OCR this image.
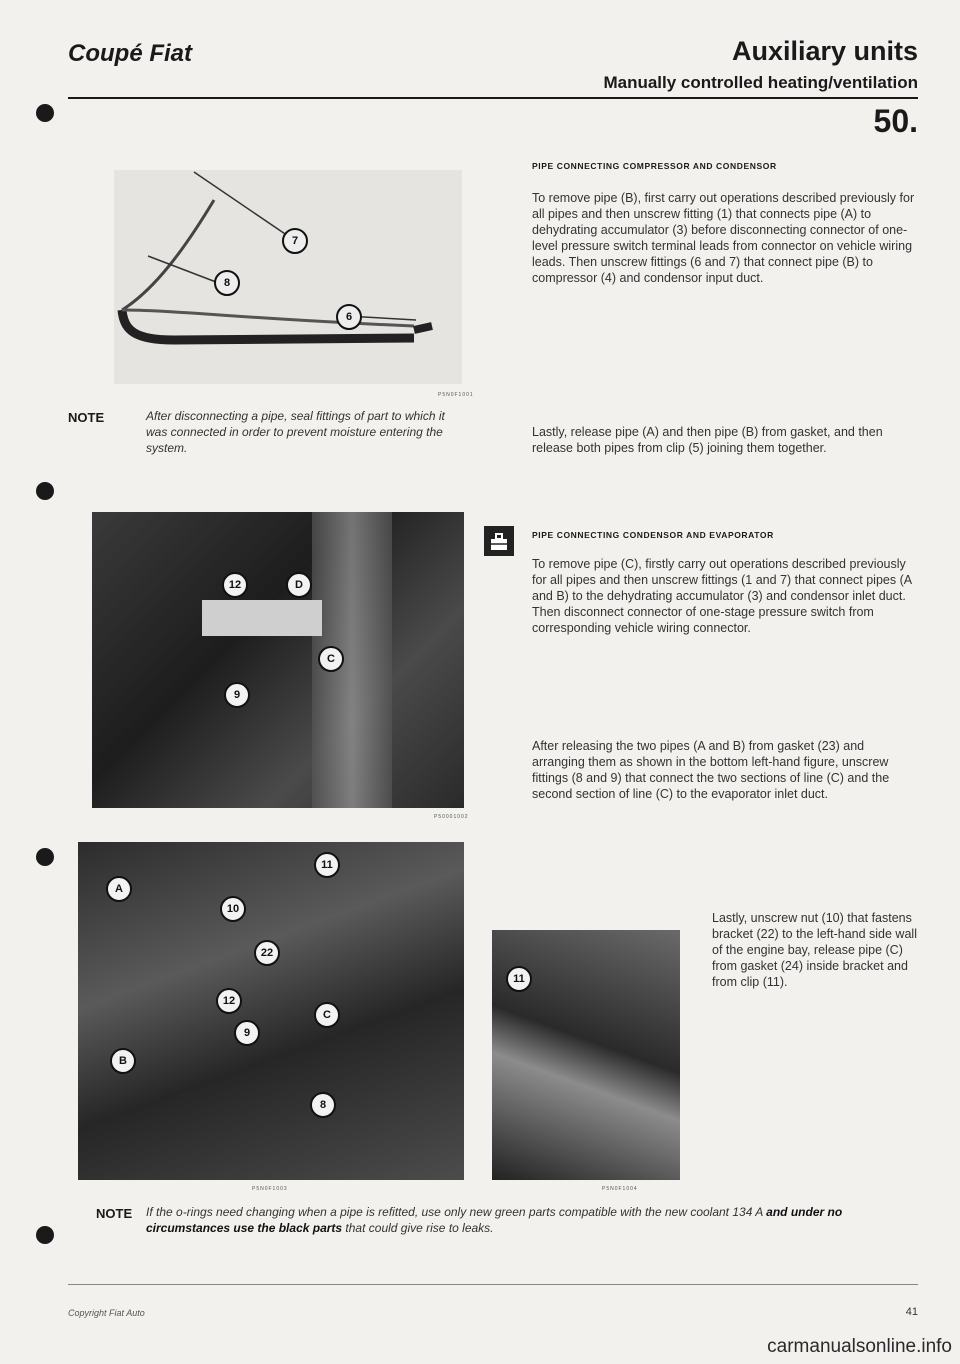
Coupé Fiat	Auxiliary units
Manually controlled heating/ventilation
50.
7
8
6
P5N0F1001
NOTE	After disconnecting a pipe, seal fittings of part to which it was connected in order to prevent moisture entering the system.
12	D
C
9
P50001002
11
A
10
22
12
C
9
B
8
P5N0F1003
11
P5N0F1004
PIPE CONNECTING COMPRESSOR AND CONDENSOR
To remove pipe (B), first carry out operations described previously for all pipes and then unscrew fitting (1) that connects pipe (A) to dehydrating accumulator (3) before disconnecting connector of one-level pressure switch terminal leads from connector on vehicle wiring leads. Then unscrew fittings (6 and 7) that connect pipe (B) to compressor (4) and condensor input duct.
Lastly, release pipe (A) and then pipe (B) from gasket, and then release both pipes from clip (5) joining them together.
PIPE CONNECTING CONDENSOR AND EVAPORATOR
To remove pipe (C), firstly carry out operations described previously for all pipes and then unscrew fittings (1 and 7) that connect pipes (A and B) to the dehydrating accumulator (3) and condensor inlet duct. Then disconnect connector of one-stage pressure switch from corresponding vehicle wiring connector.
After releasing the two pipes (A and B) from gasket (23) and arranging them as shown in the bottom left-hand figure, unscrew fittings (8 and 9) that connect the two sections of line (C) and the second section of line (C) to the evaporator inlet duct.
Lastly, unscrew nut (10) that fastens bracket (22) to the left-hand side wall of the engine bay, release pipe (C) from gasket (24) inside bracket and from clip (11).
NOTE If the o-rings need changing when a pipe is refitted, use only new green parts compatible with the new coolant 134 A and under no circumstances use the black parts that could give rise to leaks.
Copyright Fiat Auto	41
carmanualsonline.info
